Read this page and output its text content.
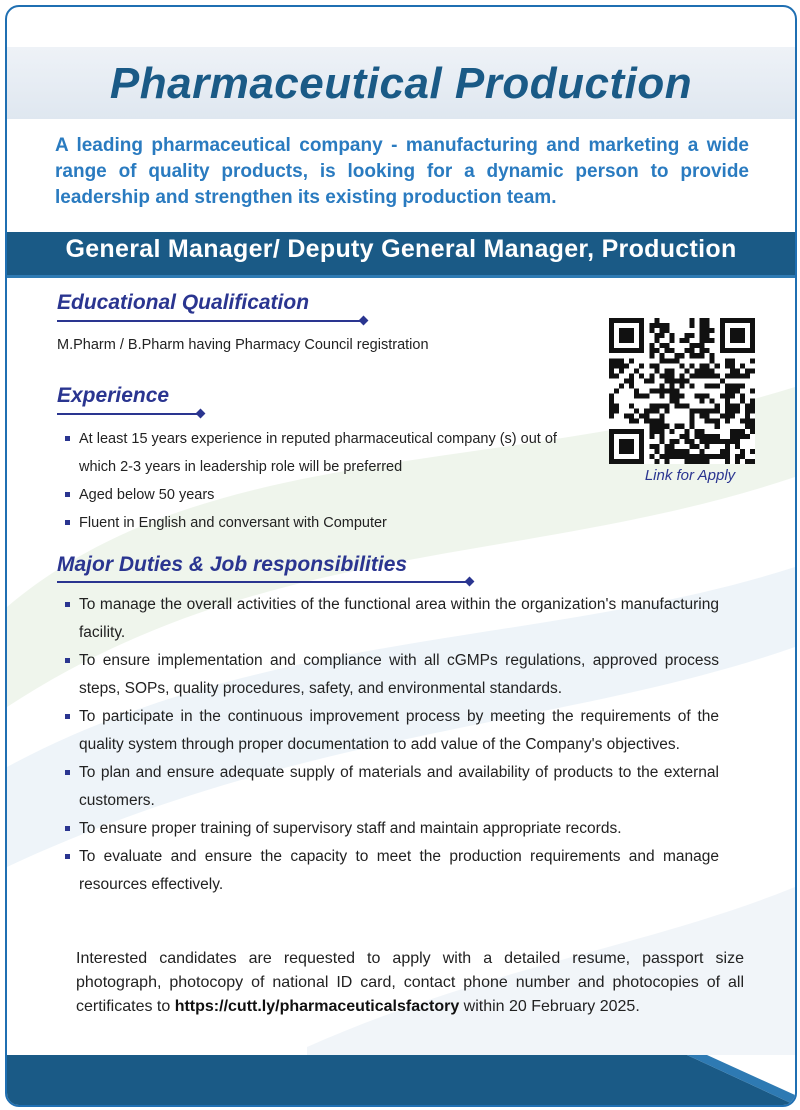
Pharmaceutical Production
A leading pharmaceutical company - manufacturing and marketing a wide range of quality products, is looking for a dynamic person to provide leadership and strengthen its existing production team.
General Manager/ Deputy General Manager, Production
Educational Qualification
M.Pharm / B.Pharm having Pharmacy Council registration
Experience
At least 15 years experience in reputed pharmaceutical company (s) out of which 2-3 years in leadership role will be preferred
Aged below 50 years
Fluent in English and conversant with Computer
Link for Apply
Major Duties & Job responsibilities
To manage the overall activities of the functional area within the organization's manufacturing facility.
To ensure implementation and compliance with all cGMPs regulations, approved process steps, SOPs, quality procedures, safety, and environmental standards.
To participate in the continuous improvement process by meeting the requirements of the quality system through proper documentation to add value of the Company's objectives.
To plan and ensure adequate supply of materials and availability of products to the external customers.
To ensure proper training of supervisory staff and maintain appropriate records.
To evaluate and ensure the capacity to meet the production requirements and manage resources effectively.
Interested candidates are requested to apply with a detailed resume, passport size photograph, photocopy of national ID card, contact phone number and photocopies of all certificates to https://cutt.ly/pharmaceuticalsfactory within 20 February 2025.
